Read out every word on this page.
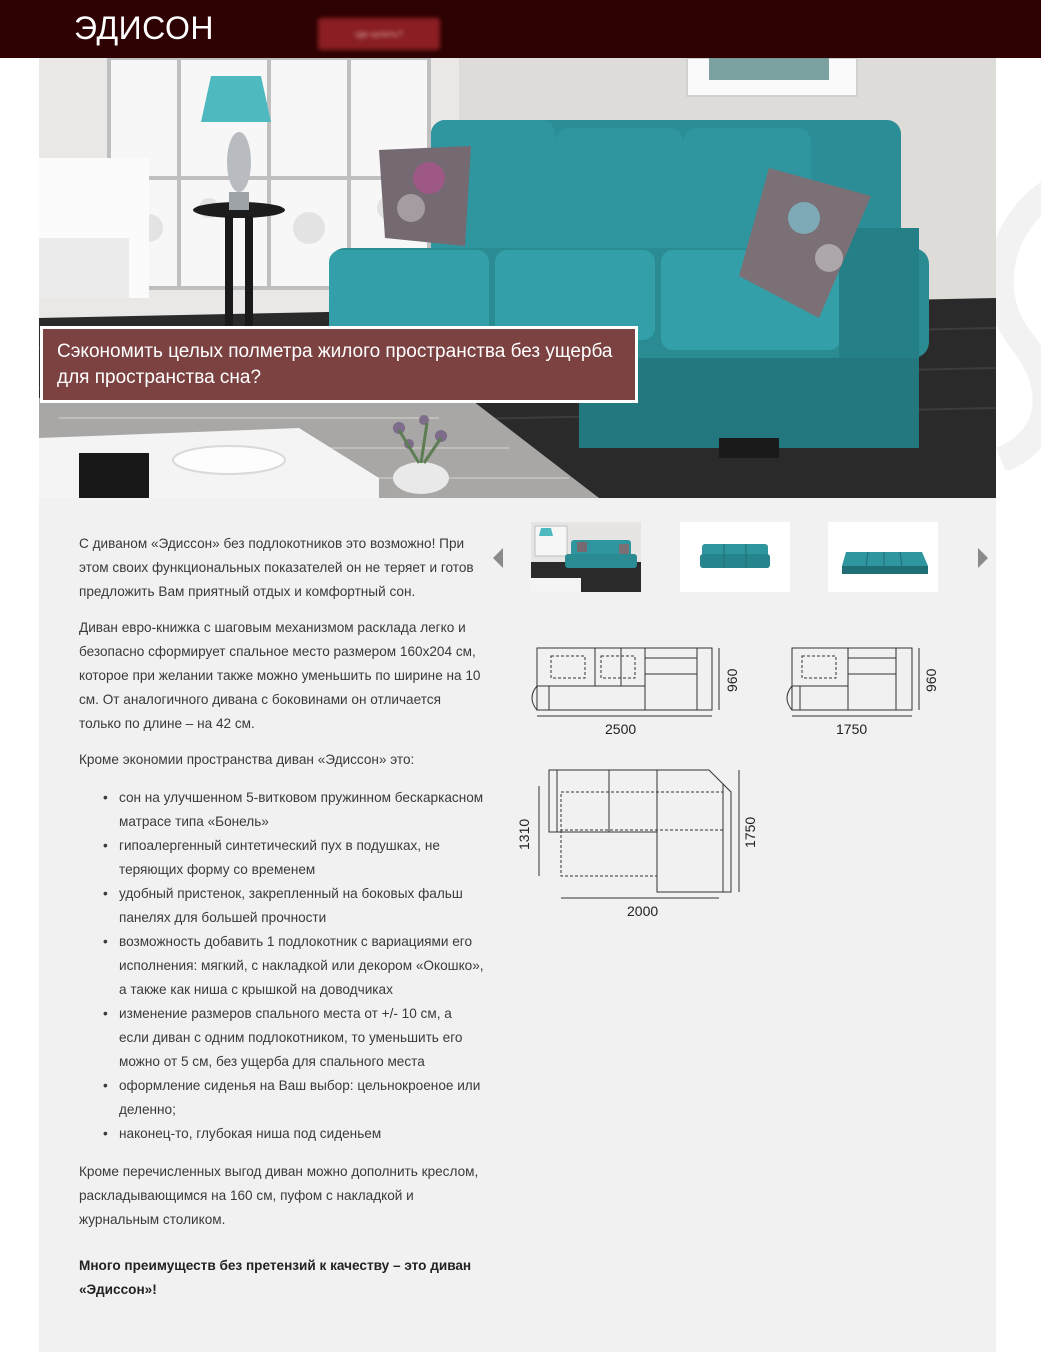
ЭДИСОН	где купить?
Сэкономить целых полметра жилого пространства без ущерба для пространства сна?

С диваном «Эдиссон» без подлокотников это возможно! При этом своих функциональных показателей он не теряет и готов предложить Вам приятный отдых и комфортный сон.

Диван евро-книжка с шаговым механизмом раскладa легко и безопасно сформирует спальное место размером 160х204 см, которое при желании также можно уменьшить по ширине на 10 см. От аналогичного дивана с боковинами он отличается только по длине – на 42 см.

Кроме экономии пространства диван «Эдиссон» это:

• сон на улучшенном 5-витковом пружинном бескаркасном матрасе типа «Бонель»
• гипоалергенный синтетический пух в подушках, не теряющих форму со временем
• удобный пристенок, закрепленный на боковых фальш панелях для большей прочности
• возможность добавить 1 подлокотник с вариациями его исполнения: мягкий, с накладкой или декором «Окошко», а также как ниша с крышкой на доводчиках
• изменение размеров спального места от +/- 10 см, а если диван с одним подлокотником, то уменьшить его можно от 5 см, без ущерба для спального места
• оформление сиденья на Ваш выбор: цельнокроеное или деленно;
• наконец-то, глубокая ниша под сиденьем

Кроме перечисленных выгод диван можно дополнить креслом, раскладывающимся на 160 см, пуфом с накладкой и журнальным столиком.

Много преимуществ без претензий к качеству – это диван «Эдиссон»!

2500
960
1750
960
2000
1310	1750
